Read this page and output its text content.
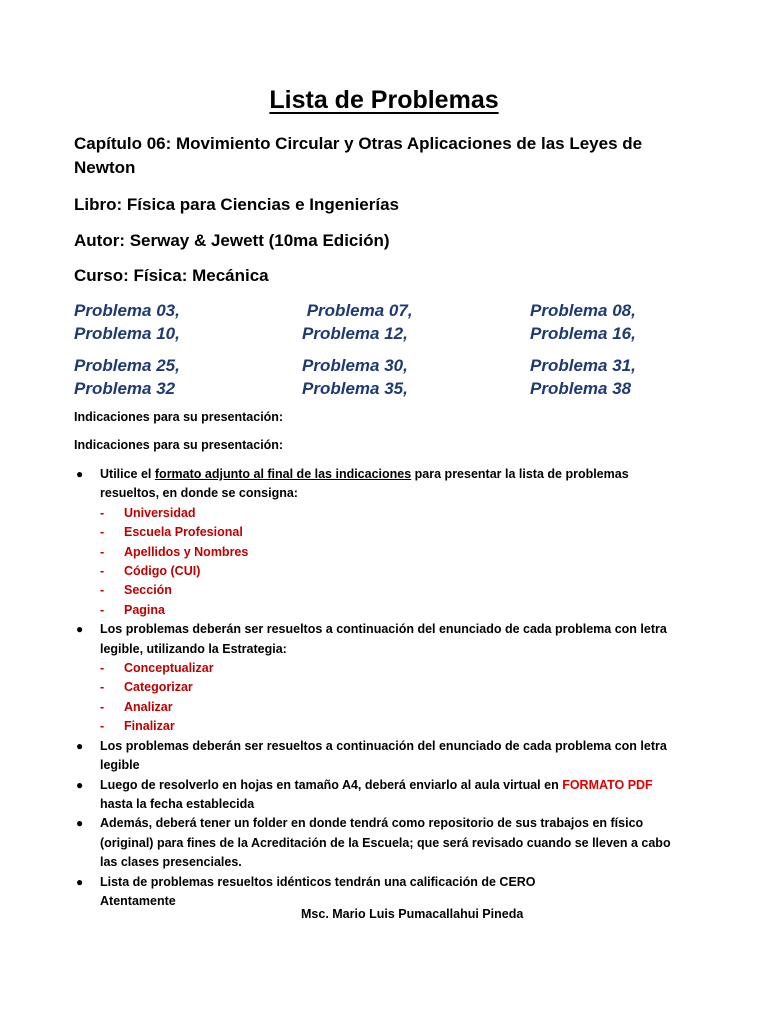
Lista de Problemas
Capítulo 06: Movimiento Circular y Otras Aplicaciones de las Leyes de Newton
Libro: Física para Ciencias e Ingenierías
Autor: Serway & Jewett (10ma Edición)
Curso: Física: Mecánica
Problema 03,	Problema 07,	Problema 08,
Problema 10,	Problema 12,	Problema 16,
Problema 25,	Problema 30,	Problema 31,
Problema 32	Problema 35,	Problema 38
Indicaciones para su presentación:
Indicaciones para su presentación:
● Utilice el formato adjunto al final de las indicaciones para presentar la lista de problemas resueltos, en donde se consigna:
- Universidad
- Escuela Profesional
- Apellidos y Nombres
- Código (CUI)
- Sección
- Pagina
● Los problemas deberán ser resueltos a continuación del enunciado de cada problema con letra legible, utilizando la Estrategia:
- Conceptualizar
- Categorizar
- Analizar
- Finalizar
● Los problemas deberán ser resueltos a continuación del enunciado de cada problema con letra legible
● Luego de resolverlo en hojas en tamaño A4, deberá enviarlo al aula virtual en FORMATO PDF hasta la fecha establecida
● Además, deberá tener un folder en donde tendrá como repositorio de sus trabajos en físico (original) para fines de la Acreditación de la Escuela; que será revisado cuando se lleven a cabo las clases presenciales.
● Lista de problemas resueltos idénticos tendrán una calificación de CERO
Atentamente
Msc. Mario Luis Pumacallahui Pineda
